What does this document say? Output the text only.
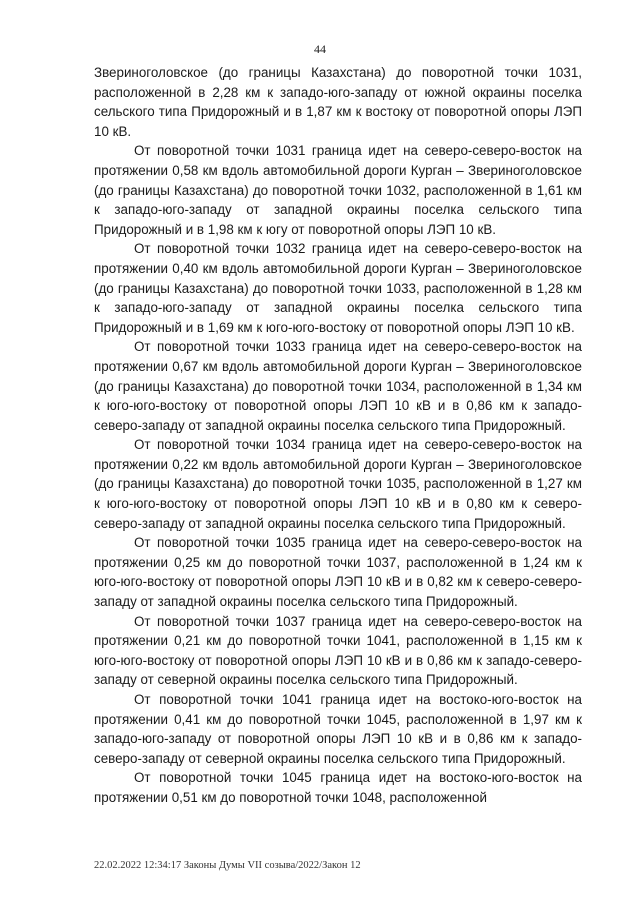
44

Звериноголовское (до границы Казахстана) до поворотной точки 1031, расположенной в 2,28 км к западо-юго-западу от южной окраины поселка сельского типа Придорожный и в 1,87 км к востоку от поворотной опоры ЛЭП 10 кВ.

От поворотной точки 1031 граница идет на северо-северо-восток на протяжении 0,58 км вдоль автомобильной дороги Курган – Звериноголовское (до границы Казахстана) до поворотной точки 1032, расположенной в 1,61 км к западо-юго-западу от западной окраины поселка сельского типа Придорожный и в 1,98 км к югу от поворотной опоры ЛЭП 10 кВ.

От поворотной точки 1032 граница идет на северо-северо-восток на протяжении 0,40 км вдоль автомобильной дороги Курган – Звериноголовское (до границы Казахстана) до поворотной точки 1033, расположенной в 1,28 км к западо-юго-западу от западной окраины поселка сельского типа Придорожный и в 1,69 км к юго-юго-востоку от поворотной опоры ЛЭП 10 кВ.

От поворотной точки 1033 граница идет на северо-северо-восток на протяжении 0,67 км вдоль автомобильной дороги Курган – Звериноголовское (до границы Казахстана) до поворотной точки 1034, расположенной в 1,34 км к юго-юго-востоку от поворотной опоры ЛЭП 10 кВ и в 0,86 км к западо-северо-западу от западной окраины поселка сельского типа Придорожный.

От поворотной точки 1034 граница идет на северо-северо-восток на протяжении 0,22 км вдоль автомобильной дороги Курган – Звериноголовское (до границы Казахстана) до поворотной точки 1035, расположенной в 1,27 км к юго-юго-востоку от поворотной опоры ЛЭП 10 кВ и в 0,80 км к северо-северо-западу от западной окраины поселка сельского типа Придорожный.

От поворотной точки 1035 граница идет на северо-северо-восток на протяжении 0,25 км до поворотной точки 1037, расположенной в 1,24 км к юго-юго-востоку от поворотной опоры ЛЭП 10 кВ и в 0,82 км к северо-северо-западу от западной окраины поселка сельского типа Придорожный.

От поворотной точки 1037 граница идет на северо-северо-восток на протяжении 0,21 км до поворотной точки 1041, расположенной в 1,15 км к юго-юго-востоку от поворотной опоры ЛЭП 10 кВ и в 0,86 км к западо-северо-западу от северной окраины поселка сельского типа Придорожный.

От поворотной точки 1041 граница идет на востоко-юго-восток на протяжении 0,41 км до поворотной точки 1045, расположенной в 1,97 км к западо-юго-западу от поворотной опоры ЛЭП 10 кВ и в 0,86 км к западо-северо-западу от северной окраины поселка сельского типа Придорожный.

От поворотной точки 1045 граница идет на востоко-юго-восток на протяжении 0,51 км до поворотной точки 1048, расположенной

22.02.2022 12:34:17 Законы Думы VII созыва/2022/Закон 12
